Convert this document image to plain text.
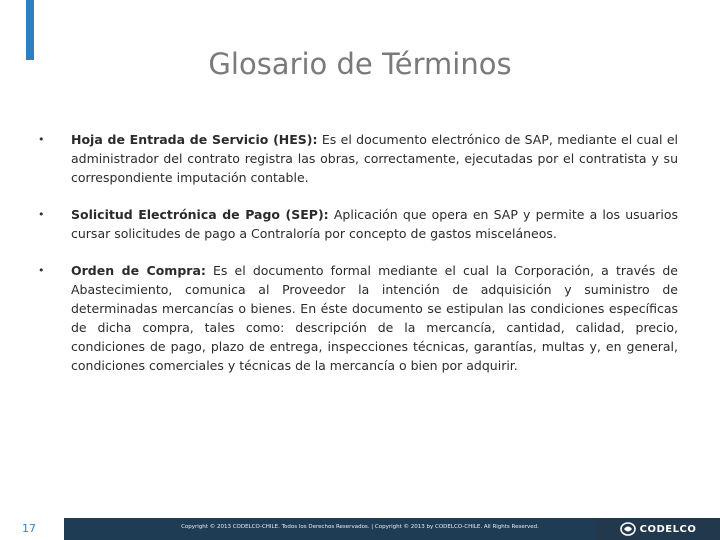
Glosario de Términos
• Hoja de Entrada de Servicio (HES): Es el documento electrónico de SAP, mediante el cual el administrador del contrato registra las obras, correctamente, ejecutadas por el contratista y su correspondiente imputación contable.
• Solicitud Electrónica de Pago (SEP): Aplicación que opera en SAP y permite a los usuarios cursar solicitudes de pago a Contraloría por concepto de gastos misceláneos.
• Orden de Compra: Es el documento formal mediante el cual la Corporación, a través de Abastecimiento, comunica al Proveedor la intención de adquisición y suministro de determinadas mercancías o bienes. En éste documento se estipulan las condiciones específicas de dicha compra, tales como: descripción de la mercancía, cantidad, calidad, precio, condiciones de pago, plazo de entrega, inspecciones técnicas, garantías, multas y, en general, condiciones comerciales y técnicas de la mercancía o bien por adquirir.
17	Copyright © 2013 CODELCO-CHILE. Todos los Derechos Reservados. | Copyright © 2013 by CODELCO-CHILE. All Rights Reserved.	CODELCO
